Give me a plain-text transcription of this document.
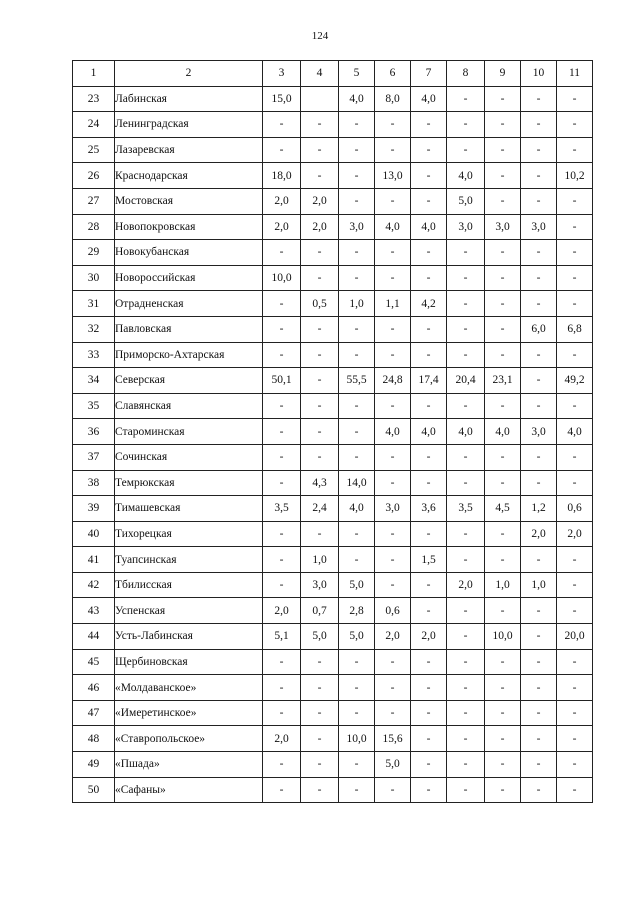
124
1	2	3	4	5	6	7	8	9	10	11
23	Лабинская	15,0		4,0	8,0	4,0	-	-	-	-
24	Ленинградская	-	-	-	-	-	-	-	-	-
25	Лазаревская	-	-	-	-	-	-	-	-	-
26	Краснодарская	18,0	-	-	13,0	-	4,0	-	-	10,2
27	Мостовская	2,0	2,0	-	-	-	5,0	-	-	-
28	Новопокровская	2,0	2,0	3,0	4,0	4,0	3,0	3,0	3,0	-
29	Новокубанская	-	-	-	-	-	-	-	-	-
30	Новороссийская	10,0	-	-	-	-	-	-	-	-
31	Отрадненская	-	0,5	1,0	1,1	4,2	-	-	-	-
32	Павловская	-	-	-	-	-	-	-	6,0	6,8
33	Приморско-Ахтарская	-	-	-	-	-	-	-	-	-
34	Северская	50,1	-	55,5	24,8	17,4	20,4	23,1	-	49,2
35	Славянская	-	-	-	-	-	-	-	-	-
36	Староминская	-	-	-	4,0	4,0	4,0	4,0	3,0	4,0
37	Сочинская	-	-	-	-	-	-	-	-	-
38	Темрюкская	-	4,3	14,0	-	-	-	-	-	-
39	Тимашевская	3,5	2,4	4,0	3,0	3,6	3,5	4,5	1,2	0,6
40	Тихорецкая	-	-	-	-	-	-	-	2,0	2,0
41	Туапсинская	-	1,0	-	-	1,5	-	-	-	-
42	Тбилисская	-	3,0	5,0	-	-	2,0	1,0	1,0	-
43	Успенская	2,0	0,7	2,8	0,6	-	-	-	-	-
44	Усть-Лабинская	5,1	5,0	5,0	2,0	2,0	-	10,0	-	20,0
45	Щербиновская	-	-	-	-	-	-	-	-	-
46	«Молдаванское»	-	-	-	-	-	-	-	-	-
47	«Имеретинское»	-	-	-	-	-	-	-	-	-
48	«Ставропольское»	2,0	-	10,0	15,6	-	-	-	-	-
49	«Пшада»	-	-	-	5,0	-	-	-	-	-
50	«Сафаны»	-	-	-	-	-	-	-	-	-
